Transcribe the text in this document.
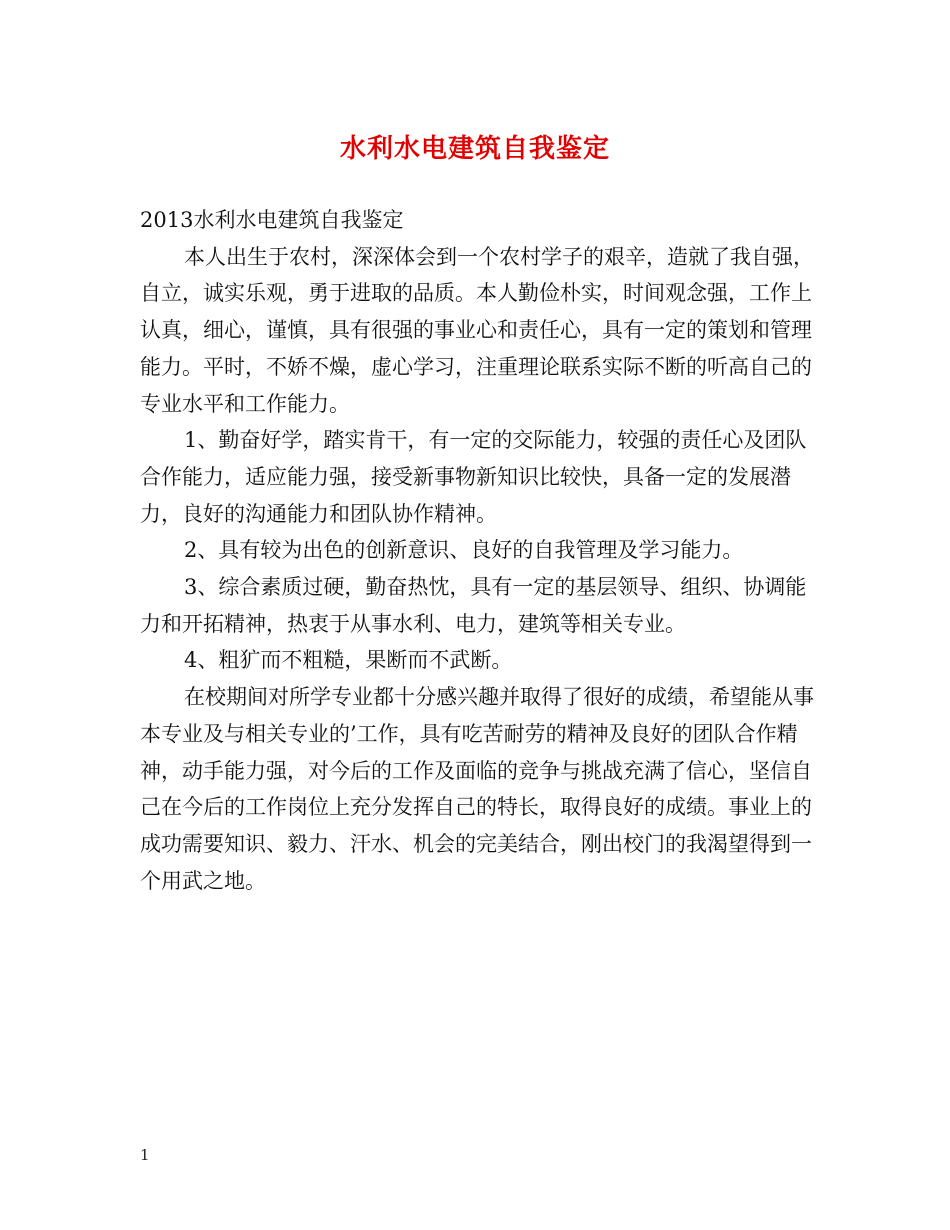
水利水电建筑自我鉴定

2013水利水电建筑自我鉴定

本人出生于农村，深深体会到一个农村学子的艰辛，造就了我自强，自立，诚实乐观，勇于进取的品质。本人勤俭朴实，时间观念强，工作上认真，细心，谨慎，具有很强的事业心和责任心，具有一定的策划和管理能力。平时，不娇不燥，虚心学习，注重理论联系实际不断的听高自己的专业水平和工作能力。

1、勤奋好学，踏实肯干，有一定的交际能力，较强的责任心及团队合作能力，适应能力强，接受新事物新知识比较快，具备一定的发展潜力，良好的沟通能力和团队协作精神。

2、具有较为出色的创新意识、良好的自我管理及学习能力。

3、综合素质过硬，勤奋热忱，具有一定的基层领导、组织、协调能力和开拓精神，热衷于从事水利、电力，建筑等相关专业。

4、粗犷而不粗糙，果断而不武断。

在校期间对所学专业都十分感兴趣并取得了很好的成绩，希望能从事本专业及与相关专业的’工作，具有吃苦耐劳的精神及良好的团队合作精神，动手能力强，对今后的工作及面临的竞争与挑战充满了信心，坚信自己在今后的工作岗位上充分发挥自己的特长，取得良好的成绩。事业上的成功需要知识、毅力、汗水、机会的完美结合，刚出校门的我渴望得到一个用武之地。

1
